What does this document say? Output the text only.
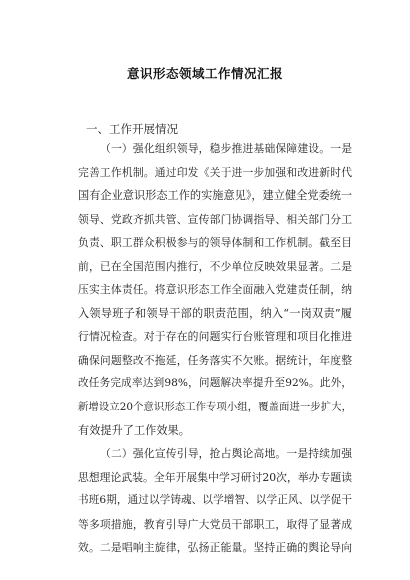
意识形态领域工作情况汇报
一、工作开展情况
（一）强化组织领导，稳步推进基础保障建设。一是
完善工作机制。通过印发《关于进一步加强和改进新时代
国有企业意识形态工作的实施意见》，建立健全党委统一
领导、党政齐抓共管、宣传部门协调指导、相关部门分工
负责、职工群众积极参与的领导体制和工作机制。截至目
前，已在全国范围内推行，不少单位反映效果显著。二是
压实主体责任。将意识形态工作全面融入党建责任制，纳
入领导班子和领导干部的职责范围，纳入“一岗双责”履
行情况检查。对于存在的问题实行台账管理和项目化推进
确保问题整改不拖延，任务落实不欠账。据统计，年度整
改任务完成率达到98%，问题解决率提升至92%。此外，
新增设立20个意识形态工作专项小组，覆盖面进一步扩大，
有效提升了工作效果。
（二）强化宣传引导，抢占舆论高地。一是持续加强
思想理论武装。全年开展集中学习研讨20次，举办专题读
书班6期，通过以学铸魂、以学增智、以学正风、以学促干
等多项措施，教育引导广大党员干部职工，取得了显著成
效。二是唱响主旋律，弘扬正能量。坚持正确的舆论导向
